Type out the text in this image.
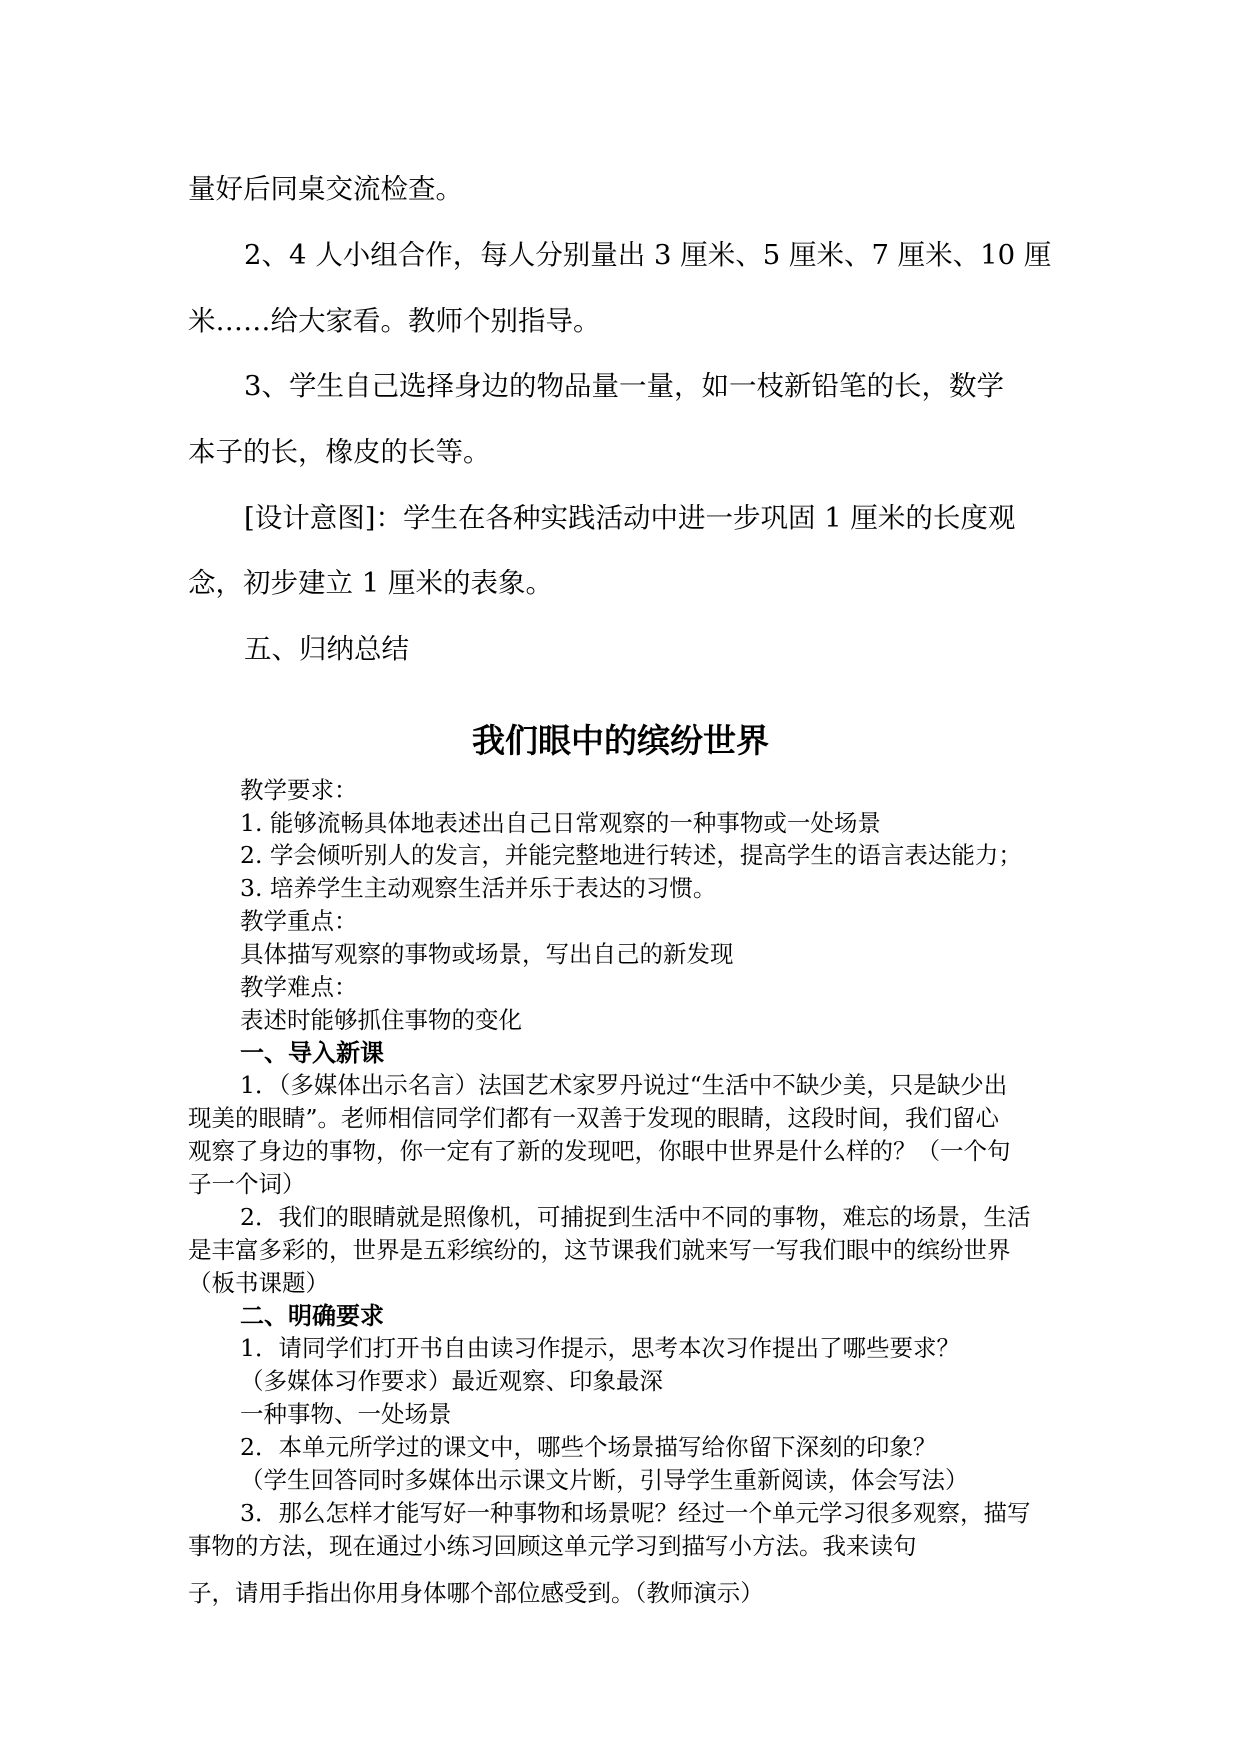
量好后同桌交流检查。

2、4 人小组合作，每人分别量出 3 厘米、5 厘米、7 厘米、10 厘

米……给大家看。教师个别指导。

3、学生自己选择身边的物品量一量，如一枝新铅笔的长，数学

本子的长，橡皮的长等。

[设计意图]：学生在各种实践活动中进一步巩固 1 厘米的长度观

念，初步建立 1 厘米的表象。

五、归纳总结

我们眼中的缤纷世界

教学要求：

1. 能够流畅具体地表述出自己日常观察的一种事物或一处场景

2. 学会倾听别人的发言，并能完整地进行转述，提高学生的语言表达能力；

3. 培养学生主动观察生活并乐于表达的习惯。

教学重点：

具体描写观察的事物或场景，写出自己的新发现

教学难点：

表述时能够抓住事物的变化

一、导入新课

1．（多媒体出示名言）法国艺术家罗丹说过“生活中不缺少美，只是缺少出

现美的眼睛”。老师相信同学们都有一双善于发现的眼睛，这段时间，我们留心

观察了身边的事物，你一定有了新的发现吧，你眼中世界是什么样的？（一个句

子一个词）

2．我们的眼睛就是照像机，可捕捉到生活中不同的事物，难忘的场景，生活

是丰富多彩的，世界是五彩缤纷的，这节课我们就来写一写我们眼中的缤纷世界

（板书课题）

二、明确要求

1．请同学们打开书自由读习作提示，思考本次习作提出了哪些要求？

（多媒体习作要求）最近观察、印象最深

一种事物、一处场景

2．本单元所学过的课文中，哪些个场景描写给你留下深刻的印象？

（学生回答同时多媒体出示课文片断，引导学生重新阅读，体会写法）

3．那么怎样才能写好一种事物和场景呢？经过一个单元学习很多观察，描写

事物的方法，现在通过小练习回顾这单元学习到描写小方法。我来读句

子，请用手指出你用身体哪个部位感受到。（教师演示）
